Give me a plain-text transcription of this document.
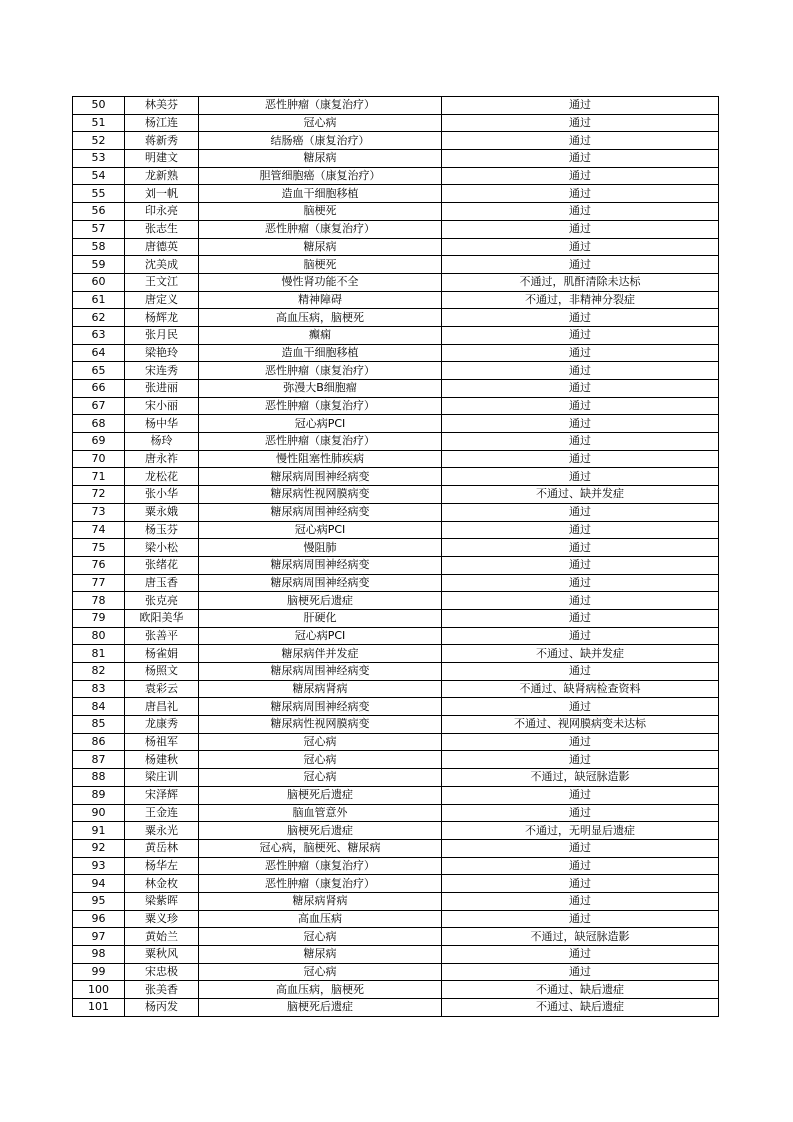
50	林美芬	恶性肿瘤（康复治疗）	通过
51	杨江连	冠心病	通过
52	蒋新秀	结肠癌（康复治疗）	通过
53	明建文	糖尿病	通过
54	龙新熟	胆管细胞癌（康复治疗）	通过
55	刘一帆	造血干细胞移植	通过
56	印永亮	脑梗死	通过
57	张志生	恶性肿瘤（康复治疗）	通过
58	唐德英	糖尿病	通过
59	沈美成	脑梗死	通过
60	王文江	慢性肾功能不全	不通过，肌酐清除未达标
61	唐定义	精神障碍	不通过，非精神分裂症
62	杨辉龙	高血压病，脑梗死	通过
63	张月民	癫痫	通过
64	梁艳玲	造血干细胞移植	通过
65	宋连秀	恶性肿瘤（康复治疗）	通过
66	张进丽	弥漫大B细胞瘤	通过
67	宋小丽	恶性肿瘤（康复治疗）	通过
68	杨中华	冠心病PCI	通过
69	杨玲	恶性肿瘤（康复治疗）	通过
70	唐永祚	慢性阻塞性肺疾病	通过
71	龙松花	糖尿病周围神经病变	通过
72	张小华	糖尿病性视网膜病变	不通过、缺并发症
73	粟永娥	糖尿病周围神经病变	通过
74	杨玉芬	冠心病PCI	通过
75	梁小松	慢阻肺	通过
76	张绪花	糖尿病周围神经病变	通过
77	唐玉香	糖尿病周围神经病变	通过
78	张克亮	脑梗死后遗症	通过
79	欧阳美华	肝硬化	通过
80	张善平	冠心病PCI	通过
81	杨雀娟	糖尿病伴并发症	不通过、缺并发症
82	杨照文	糖尿病周围神经病变	通过
83	袁彩云	糖尿病肾病	不通过、缺肾病检查资料
84	唐昌礼	糖尿病周围神经病变	通过
85	龙康秀	糖尿病性视网膜病变	不通过、视网膜病变未达标
86	杨祖军	冠心病	通过
87	杨建秋	冠心病	通过
88	梁庄训	冠心病	不通过，缺冠脉造影
89	宋泽辉	脑梗死后遗症	通过
90	王金连	脑血管意外	通过
91	粟永光	脑梗死后遗症	不通过，无明显后遗症
92	黄岳林	冠心病，脑梗死、糖尿病	通过
93	杨华左	恶性肿瘤（康复治疗）	通过
94	林金枚	恶性肿瘤（康复治疗）	通过
95	梁紫晖	糖尿病肾病	通过
96	粟义珍	高血压病	通过
97	黄始兰	冠心病	不通过，缺冠脉造影
98	粟秋风	糖尿病	通过
99	宋忠极	冠心病	通过
100	张美香	高血压病，脑梗死	不通过、缺后遗症
101	杨丙发	脑梗死后遗症	不通过、缺后遗症
